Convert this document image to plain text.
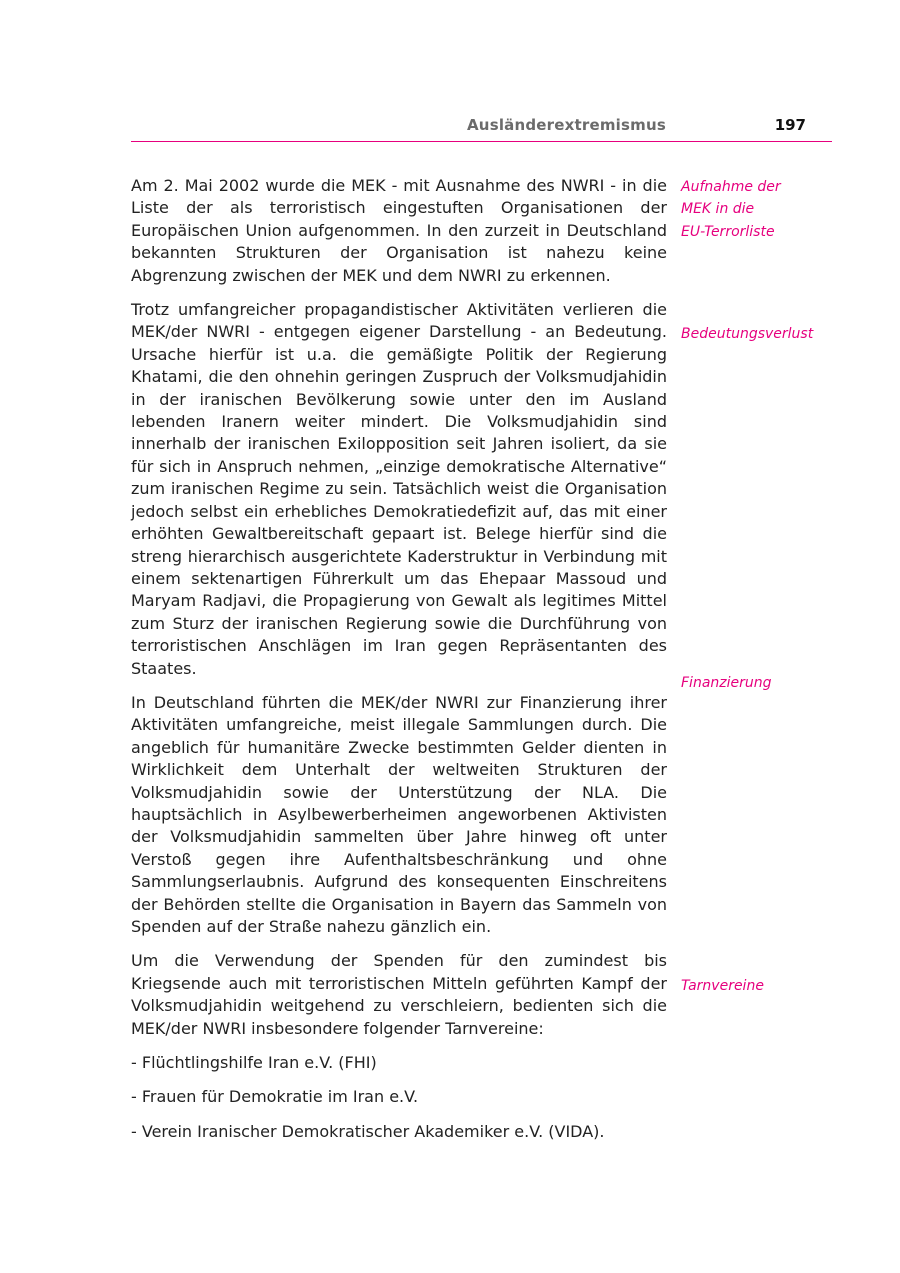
Ausländerextremismus	197

Am 2. Mai 2002 wurde die MEK - mit Ausnahme des NWRI - in die Liste der als terroristisch eingestuften Organisationen der Europäischen Union aufgenommen. In den zurzeit in Deutschland bekannten Strukturen der Organisation ist nahezu keine Abgrenzung zwischen der MEK und dem NWRI zu erkennen.

Trotz umfangreicher propagandistischer Aktivitäten verlieren die MEK/der NWRI - entgegen eigener Darstellung - an Bedeutung. Ursache hierfür ist u.a. die gemäßigte Politik der Regierung Khatami, die den ohnehin geringen Zuspruch der Volksmudjahidin in der iranischen Bevölkerung sowie unter den im Ausland lebenden Iranern weiter mindert. Die Volksmudjahidin sind innerhalb der iranischen Exilopposition seit Jahren isoliert, da sie für sich in Anspruch nehmen, „einzige demokratische Alternative“ zum iranischen Regime zu sein. Tatsächlich weist die Organisation jedoch selbst ein erhebliches Demokratiedefizit auf, das mit einer erhöhten Gewaltbereitschaft gepaart ist. Belege hierfür sind die streng hierarchisch ausgerichtete Kaderstruktur in Verbindung mit einem sektenartigen Führerkult um das Ehepaar Massoud und Maryam Radjavi, die Propagierung von Gewalt als legitimes Mittel zum Sturz der iranischen Regierung sowie die Durchführung von terroristischen Anschlägen im Iran gegen Repräsentanten des Staates.

In Deutschland führten die MEK/der NWRI zur Finanzierung ihrer Aktivitäten umfangreiche, meist illegale Sammlungen durch. Die angeblich für humanitäre Zwecke bestimmten Gelder dienten in Wirklichkeit dem Unterhalt der weltweiten Strukturen der Volksmudjahidin sowie der Unterstützung der NLA. Die hauptsächlich in Asylbewerberheimen angeworbenen Aktivisten der Volksmudjahidin sammelten über Jahre hinweg oft unter Verstoß gegen ihre Aufenthaltsbeschränkung und ohne Sammlungserlaubnis. Aufgrund des konsequenten Einschreitens der Behörden stellte die Organisation in Bayern das Sammeln von Spenden auf der Straße nahezu gänzlich ein.

Um die Verwendung der Spenden für den zumindest bis Kriegsende auch mit terroristischen Mitteln geführten Kampf der Volksmudjahidin weitgehend zu verschleiern, bedienten sich die MEK/der NWRI insbesondere folgender Tarnvereine:

- Flüchtlingshilfe Iran e.V. (FHI)
- Frauen für Demokratie im Iran e.V.
- Verein Iranischer Demokratischer Akademiker e.V. (VIDA).
Aufnahme der
MEK in die
EU-Terrorliste
Bedeutungsverlust
Finanzierung
Tarnvereine
